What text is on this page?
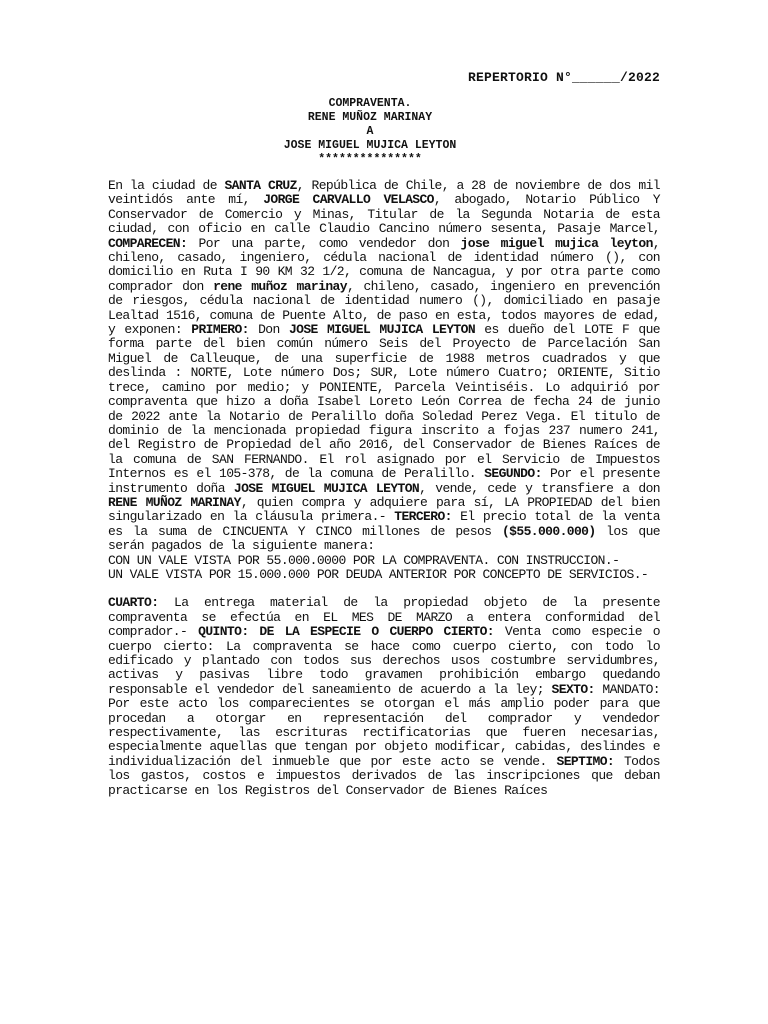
REPERTORIO N°______/2022
COMPRAVENTA.
RENE MUÑOZ MARINAY
A
JOSE MIGUEL MUJICA LEYTON
***************

En la ciudad de SANTA CRUZ, República de Chile, a 28 de noviembre de dos mil veintidós ante mí, JORGE CARVALLO VELASCO, abogado, Notario Público Y Conservador de Comercio y Minas, Titular de la Segunda Notaria de esta ciudad, con oficio en calle Claudio Cancino número sesenta, Pasaje Marcel, COMPARECEN: Por una parte, como vendedor don jose miguel mujica leyton, chileno, casado, ingeniero, cédula nacional de identidad número (), con domicilio en Ruta I 90 KM 32 1/2, comuna de Nancagua, y por otra parte como comprador don rene muñoz marinay, chileno, casado, ingeniero en prevención de riesgos, cédula nacional de identidad numero (), domiciliado en pasaje Lealtad 1516, comuna de Puente Alto, de paso en esta, todos mayores de edad, y exponen: PRIMERO: Don JOSE MIGUEL MUJICA LEYTON es dueño del LOTE F que forma parte del bien común número Seis del Proyecto de Parcelación San Miguel de Calleuque, de una superficie de 1988 metros cuadrados y que deslinda : NORTE, Lote número Dos; SUR, Lote número Cuatro; ORIENTE, Sitio trece, camino por medio; y PONIENTE, Parcela Veintiséis. Lo adquirió por compraventa que hizo a doña Isabel Loreto León Correa de fecha 24 de junio de 2022 ante la Notario de Peralillo doña Soledad Perez Vega. El titulo de dominio de la mencionada propiedad figura inscrito a fojas 237 numero 241, del Registro de Propiedad del año 2016, del Conservador de Bienes Raíces de la comuna de SAN FERNANDO. El rol asignado por el Servicio de Impuestos Internos es el 105-378, de la comuna de Peralillo. SEGUNDO: Por el presente instrumento doña JOSE MIGUEL MUJICA LEYTON, vende, cede y transfiere a don RENE MUÑOZ MARINAY, quien compra y adquiere para sí, LA PROPIEDAD del bien singularizado en la cláusula primera.- TERCERO: El precio total de la venta es la suma de CINCUENTA Y CINCO millones de pesos ($55.000.000) los que serán pagados de la siguiente manera:

CON UN VALE VISTA POR 55.000.0000 POR LA COMPRAVENTA. CON INSTRUCCION.-
UN VALE VISTA POR 15.000.000 POR DEUDA ANTERIOR POR CONCEPTO DE SERVICIOS.-

CUARTO: La entrega material de la propiedad objeto de la presente compraventa se efectúa en EL MES DE MARZO a entera conformidad del comprador.- QUINTO: DE LA ESPECIE O CUERPO CIERTO: Venta como especie o cuerpo cierto: La compraventa se hace como cuerpo cierto, con todo lo edificado y plantado con todos sus derechos usos costumbre servidumbres, activas y pasivas libre todo gravamen prohibición embargo quedando responsable el vendedor del saneamiento de acuerdo a la ley; SEXTO: MANDATO: Por este acto los comparecientes se otorgan el más amplio poder para que procedan a otorgar en representación del comprador y vendedor respectivamente, las escrituras rectificatorias que fueren necesarias, especialmente aquellas que tengan por objeto modificar, cabidas, deslindes e individualización del inmueble que por este acto se vende. SEPTIMO: Todos los gastos, costos e impuestos derivados de las inscripciones que deban practicarse en los Registros del Conservador de Bienes Raíces
